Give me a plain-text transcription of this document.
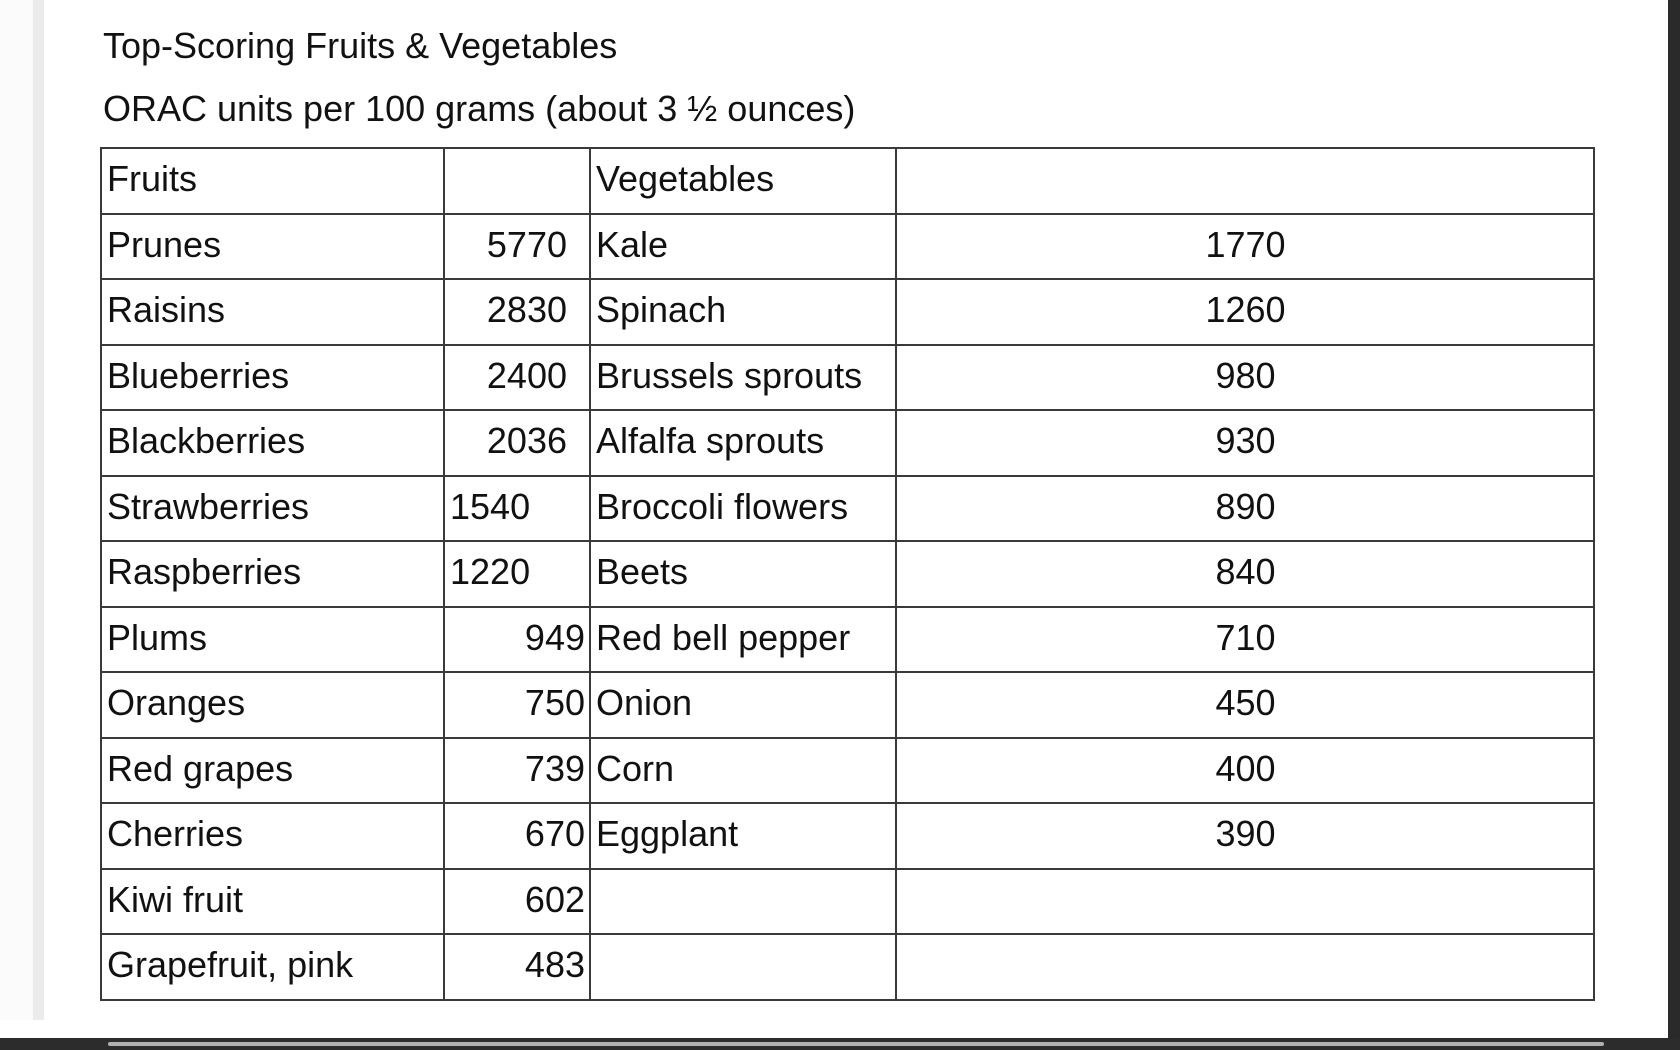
Top-Scoring Fruits & Vegetables
ORAC units per 100 grams (about 3 ½ ounces)
Fruits		Vegetables	
Prunes	5770	Kale	1770
Raisins	2830	Spinach	1260
Blueberries	2400	Brussels sprouts	980
Blackberries	2036	Alfalfa sprouts	930
Strawberries	1540	Broccoli flowers	890
Raspberries	1220	Beets	840
Plums	949	Red bell pepper	710
Oranges	750	Onion	450
Red grapes	739	Corn	400
Cherries	670	Eggplant	390
Kiwi fruit	602		
Grapefruit, pink	483		
